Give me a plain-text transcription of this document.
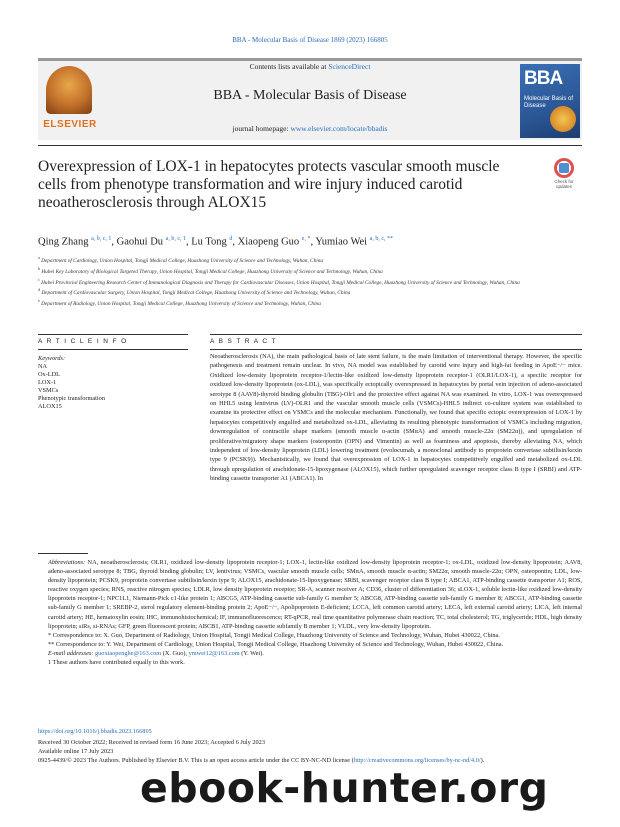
BBA - Molecular Basis of Disease 1869 (2023) 166805
ELSEVIER
Contents lists available at ScienceDirect
BBA - Molecular Basis of Disease
journal homepage: www.elsevier.com/locate/bbadis
BBA
Molecular Basis of Disease
Overexpression of LOX-1 in hepatocytes protects vascular smooth muscle cells from phenotype transformation and wire injury induced carotid neoatherosclerosis through ALOX15
Check for updates
Qing Zhang $^{a, b, c, 1}$, Gaohui Du $^{a, b, c, 1}$, Lu Tong $^d$, Xiaopeng Guo $^{e, *}$, Yumiao Wei $^{a, b, c, **}$
$^a$ Department of Cardiology, Union Hospital, Tongji Medical College, Huazhong University of Science and Technology, Wuhan, China
$^b$ Hubei Key Laboratory of Biological Targeted Therapy, Union Hospital, Tongji Medical College, Huazhong University of Science and Technology, Wuhan, China
$^c$ Hubei Provincial Engineering Research Center of Immunological Diagnosis and Therapy for Cardiovascular Diseases, Union Hospital, Tongji Medical College, Huazhong University of Science and Technology, Wuhan, China
$^d$ Department of Cardiovascular Surgery, Union Hospital, Tongji Medical College, Huazhong University of Science and Technology, Wuhan, China
$^e$ Department of Radiology, Union Hospital, Tongji Medical College, Huazhong University of Science and Technology, Wuhan, China
A R T I C L E I N F O
Keywords:
NA
Ox-LDL
LOX-1
VSMCs
Phenotypic transformation
ALOX15
A B S T R A C T
Neoatherosclerosis (NA), the main pathological basis of late stent failure, is the main limitation of interventional therapy. However, the specific pathogenesis and treatment remain unclear. In vivo, NA model was established by carotid wire injury and high-fat feeding in ApoE−/− mice. Oxidized low-density lipoprotein receptor-1/lectin-like oxidized low-density lipoprotein receptor-1 (OLR1/LOX-1), a specific receptor for oxidized low-density lipoprotein (ox-LDL), was specifically ectopically overexpressed in hepatocytes by portal vein injection of adeno-associated serotype 8 (AAV8)-thyroid binding globulin (TBG)-Olr1 and the protective effect against NA was examined. In vitro, LOX-1 was overexpressed on HHL5 using lentivirus (LV)-OLR1 and the vascular smooth muscle cells (VSMCs)-HHL5 indirect co-culture system was established to examine its protective effect on VSMCs and the molecular mechanism. Functionally, we found that specific ectopic overexpression of LOX-1 by hepatocytes competitively engulfed and metabolized ox-LDL, alleviating its resulting phenotypic transformation of VSMCs including migration, downregulation of contractile shape markers (smooth muscle α-actin (SMαA) and smooth muscle-22α (SM22α)), and upregulation of proliferative/migratory shape markers (osteopontin (OPN) and Vimentin) as well as foaminess and apoptosis, thereby alleviating NA, which independent of low-density lipoprotein (LDL) lowering treatment (evolocumab, a monoclonal antibody to proprotein convertase subtilisin/kexin type 9 (PCSK9)). Mechanistically, we found that overexpression of LOX-1 in hepatocytes competitively engulfed and metabolized ox-LDL through upregulation of arachidonate-15-lipoxygenase (ALOX15), which further upregulated scavenger receptor class B type I (SRBI) and ATP-binding cassette transporter A1 (ABCA1). In

Abbreviations: NA, neoatherosclerosis; OLR1, oxidized low-density lipoprotein receptor-1; LOX-1, lectin-like oxidized low-density lipoprotein receptor-1; ox-LDL, oxidized low-density lipoprotein; AAV8, adeno-associated serotype 8; TBG, thyroid binding globulin; LV, lentivirus; VSMCs, vascular smooth muscle cells; SMαA, smooth muscle α-actin; SM22α, smooth muscle-22α; OPN, osteopontin; LDL, low-density lipoprotein; PCSK9, proprotein convertase subtilisin/kexin type 9; ALOX15, arachidonate-15-lipoxygenase; SRBI, scavenger receptor class B type I; ABCA1, ATP-binding cassette transporter A1; ROS, reactive oxygen species; RNS, reactive nitrogen species; LDLR, low density lipoprotein receptor; SR-A, scanner receiver A; CD36, cluster of differentiation 36; sLOX-1, soluble lectin-like oxidized low-density lipoprotein receptor-1; NPC1L1, Niemann-Pick c1-like protein 1; ABCG5, ATP-binding cassette sub-family G member 5; ABCG8, ATP-binding cassette sub-family G member 8; ABCG1, ATP-binding cassette sub-family G member 1; SREBP-2, sterol regulatory element-binding protein 2; ApoE−/−, Apolipoprotein E-deficient; LCCA, left common carotid artery; LECA, left external carotid artery; LICA, left internal carotid artery; HE, hematoxylin eosin; IHC, immunohistochemical; IF, immunofluorescence; RT-qPCR, real time quantitative polymerase chain reaction; TC, total cholesterol; TG, triglyceride; HDL, high density lipoprotein; siRs, si-RNAs; GFP, green fluorescent protein; ABCB1, ATP-binding cassette subfamily B member 1; VLDL, very low-density lipoprotein.

* Correspondence to: X. Guo, Department of Radiology, Union Hospital, Tongji Medical College, Huazhong University of Science and Technology, Wuhan, Hubei 430022, China.

** Correspondence to: Y. Wei, Department of Cardiology, Union Hospital, Tongji Medical College, Huazhong University of Science and Technology, Wuhan, Hubei 430022, China.

E-mail addresses: guoxiaopenghe@163.com (X. Guo), ymwei12@163.com (Y. Wei).

1 These authors have contributed equally to this work.

https://doi.org/10.1016/j.bbadis.2023.166805
Received 30 October 2022; Received in revised form 16 June 2023; Accepted 6 July 2023
Available online 17 July 2023
0925-4439/© 2023 The Authors. Published by Elsevier B.V. This is an open access article under the CC BY-NC-ND license (http://creativecommons.org/licenses/by-nc-nd/4.0/).
ebook-hunter.org
